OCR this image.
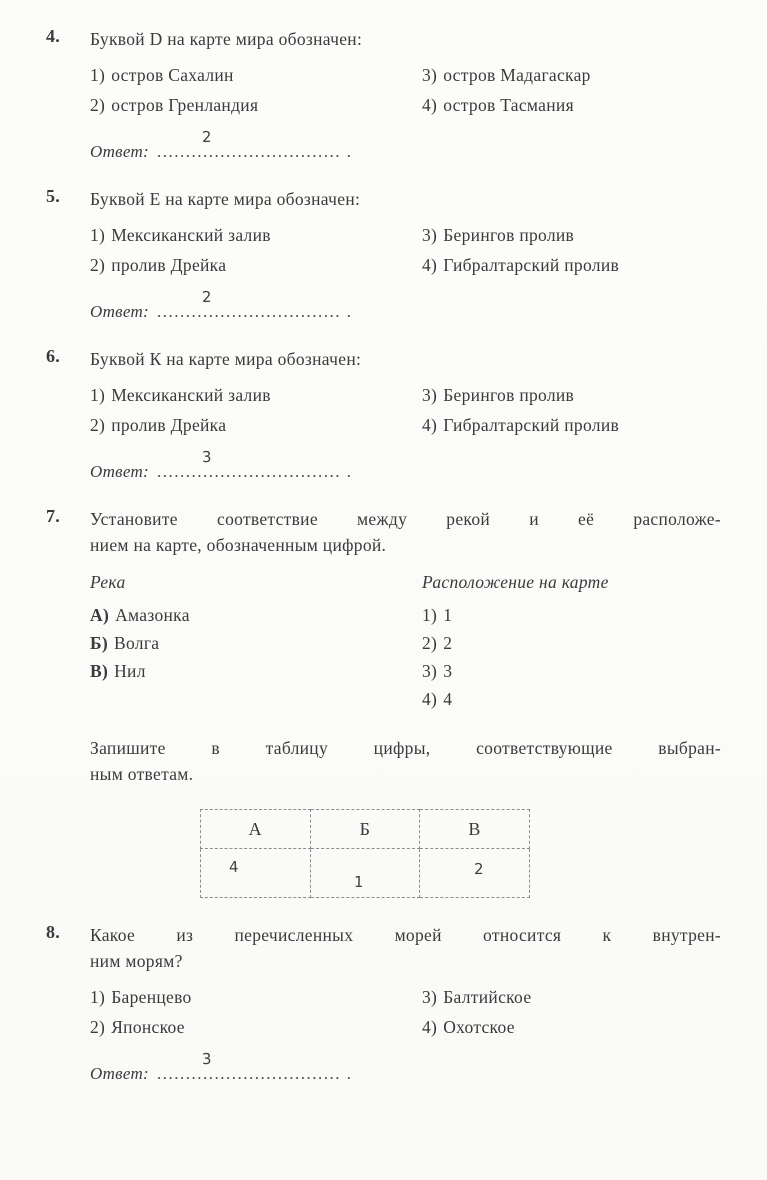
4.	Буквой D на карте мира обозначен:
1) остров Сахалин
2) остров Гренландия
3) остров Мадагаскар
4) остров Тасмания
Ответ: ................................ .
2
5.	Буквой Е на карте мира обозначен:
1) Мексиканский залив
2) пролив Дрейка
3) Берингов пролив
4) Гибралтарский пролив
Ответ: ................................ .
2
6.	Буквой К на карте мира обозначен:
1) Мексиканский залив
2) пролив Дрейка
3) Берингов пролив
4) Гибралтарский пролив
Ответ: ................................ .
3
7.	Установите соответствие между рекой и её расположе-
нием на карте, обозначенным цифрой.
Река
А) Амазонка
Б) Волга
В) Нил
Расположение на карте
1) 1
2) 2
3) 3
4) 4
Запишите в таблицу цифры, соответствующие выбран-
ным ответам.
А	Б	В
4	1	2
8.	Какое из перечисленных морей относится к внутрен-
ним морям?
1) Баренцево
2) Японское
3) Балтийское
4) Охотское
Ответ: ................................ .
3
